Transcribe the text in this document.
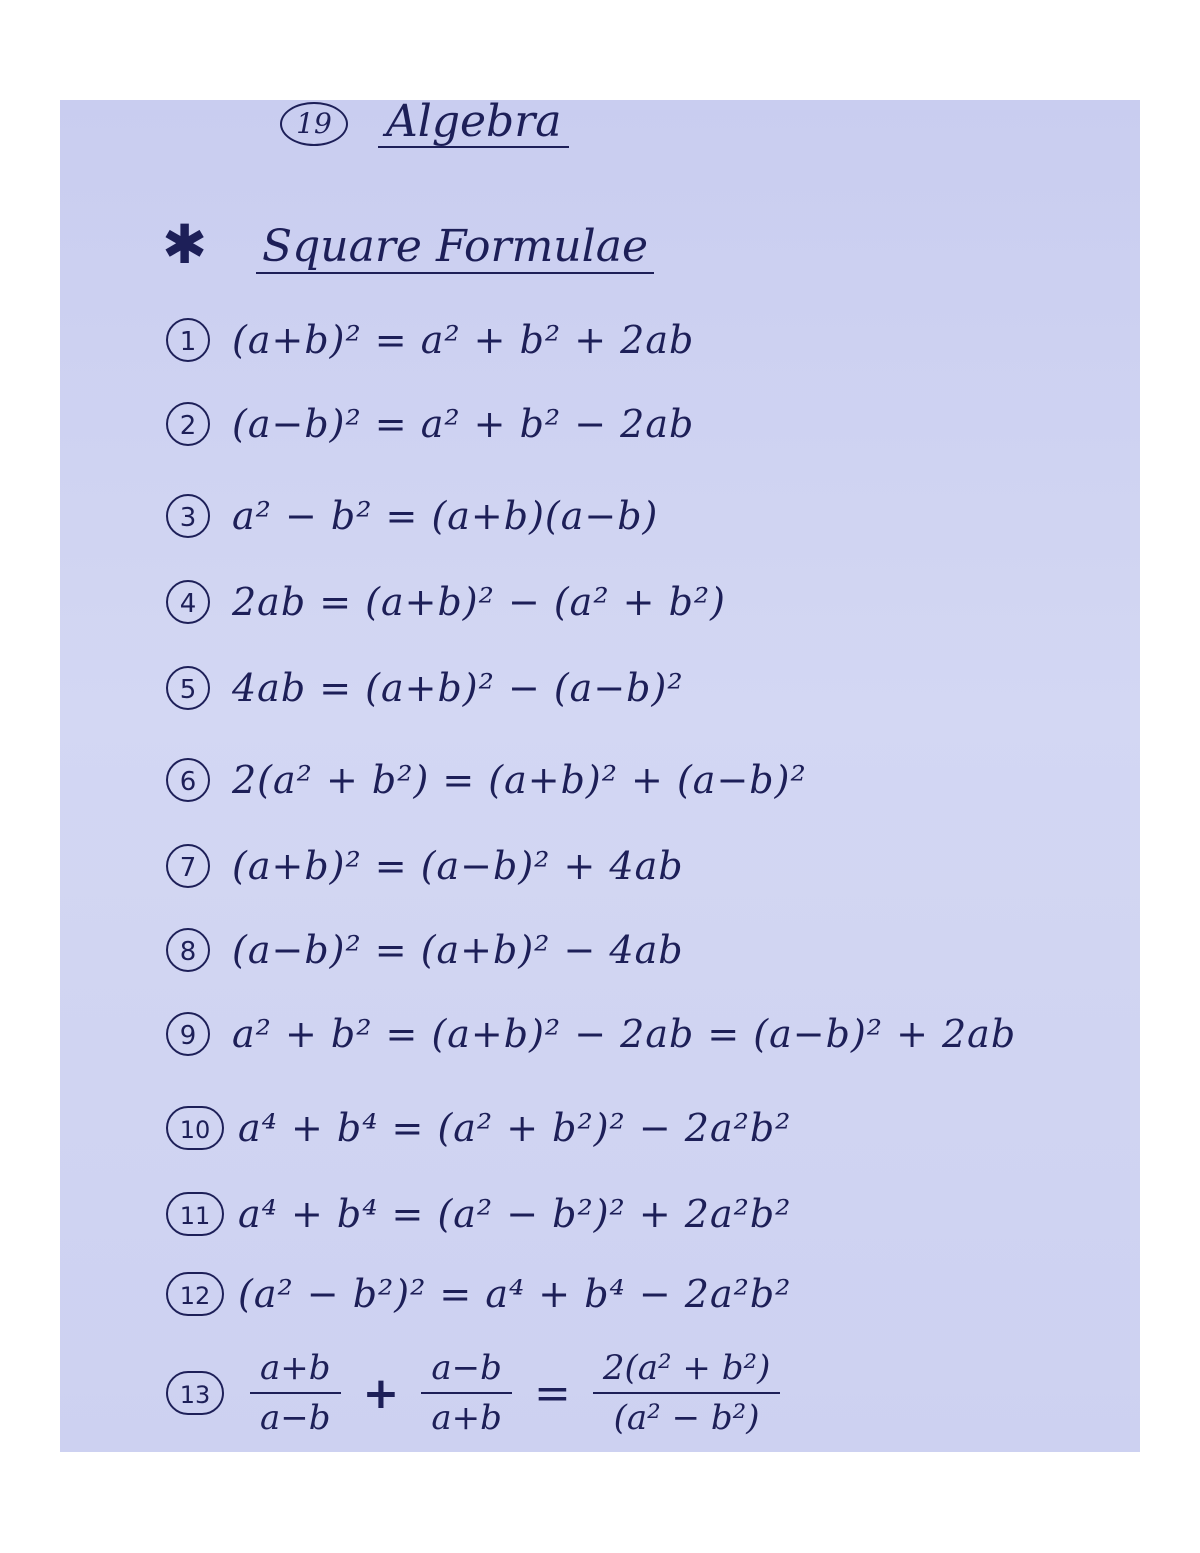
19	Algebra
✱ Square Formulae
1 (a+b)² = a² + b² + 2ab
2 (a−b)² = a² + b² − 2ab
3 a² − b² = (a+b)(a−b)
4 2ab = (a+b)² − (a² + b²)
5 4ab = (a+b)² − (a−b)²
6 2(a² + b²) = (a+b)² + (a−b)²
7 (a+b)² = (a−b)² + 4ab
8 (a−b)² = (a+b)² − 4ab
9 a² + b² = (a+b)² − 2ab = (a−b)² + 2ab
10 a⁴ + b⁴ = (a² + b²)² − 2a²b²
11 a⁴ + b⁴ = (a² − b²)² + 2a²b²
12 (a² − b²)² = a⁴ + b⁴ − 2a²b²
13	$\frac{a+b}{a-b} + \frac{a-b}{a+b} = \frac{\text{2(a² + b²)}}{\text{(a² − b²)}}$
